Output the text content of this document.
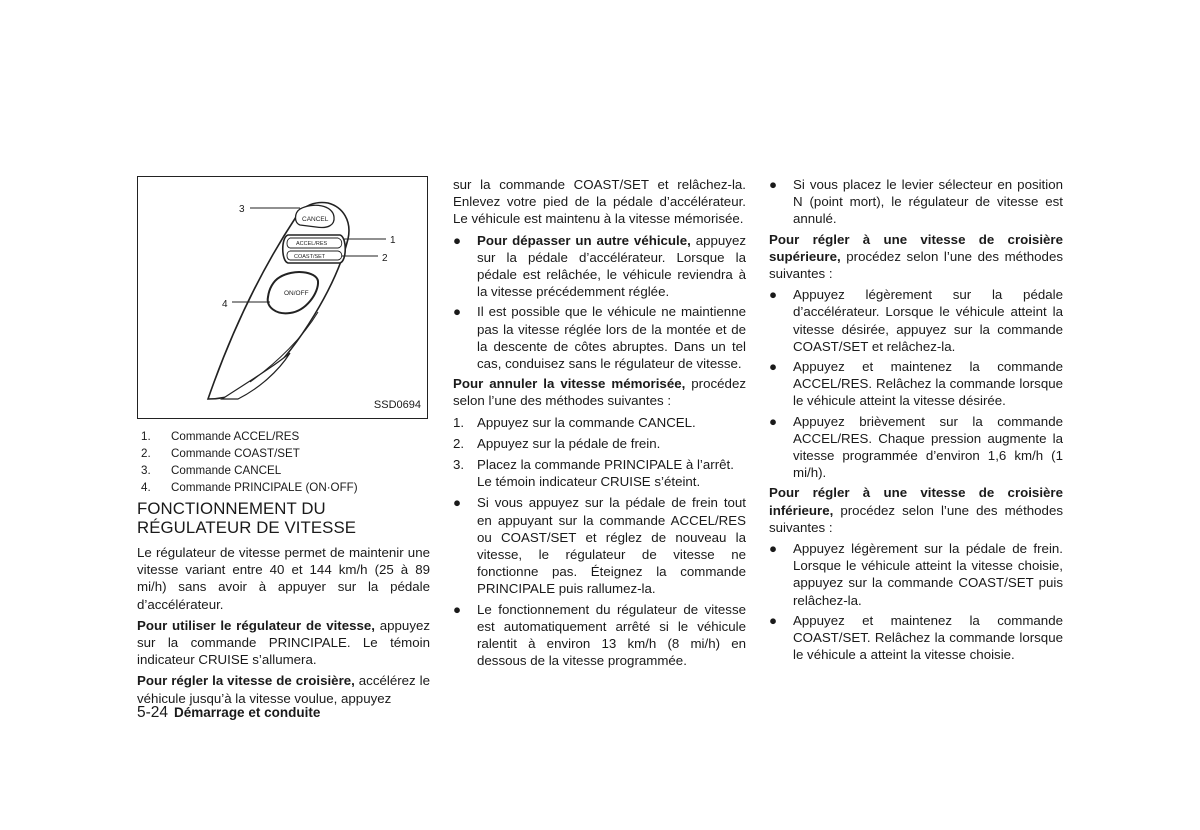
CANCEL
ACCEL/RES
COAST/SET
ON/OFF
3
1
2
4
SSD0694
1. Commande ACCEL/RES
2. Commande COAST/SET
3. Commande CANCEL
4. Commande PRINCIPALE (ON·OFF)
FONCTIONNEMENT DU RÉGULATEUR DE VITESSE

Le régulateur de vitesse permet de maintenir une vitesse variant entre 40 et 144 km/h (25 à 89 mi/h) sans avoir à appuyer sur la pédale d’accélérateur.

Pour utiliser le régulateur de vitesse, appuyez sur la commande PRINCIPALE. Le témoin indicateur CRUISE s’allumera.

Pour régler la vitesse de croisière, accélérez le véhicule jusqu’à la vitesse voulue, appuyez

sur la commande COAST/SET et relâchez-la. Enlevez votre pied de la pédale d’accélérateur. Le véhicule est maintenu à la vitesse mémorisée.

● Pour dépasser un autre véhicule, appuyez sur la pédale d’accélérateur. Lorsque la pédale est relâchée, le véhicule reviendra à la vitesse précédemment réglée.
● Il est possible que le véhicule ne maintienne pas la vitesse réglée lors de la montée et de la descente de côtes abruptes. Dans un tel cas, conduisez sans le régulateur de vitesse.

Pour annuler la vitesse mémorisée, procédez selon l’une des méthodes suivantes :

1. Appuyez sur la commande CANCEL.
2. Appuyez sur la pédale de frein.
3. Placez la commande PRINCIPALE à l’arrêt. Le témoin indicateur CRUISE s’éteint.
● Si vous appuyez sur la pédale de frein tout en appuyant sur la commande ACCEL/RES ou COAST/SET et réglez de nouveau la vitesse, le régulateur de vitesse ne fonctionne pas. Éteignez la commande PRINCIPALE puis rallumez-la.
● Le fonctionnement du régulateur de vitesse est automatiquement arrêté si le véhicule ralentit à environ 13 km/h (8 mi/h) en dessous de la vitesse programmée.
● Si vous placez le levier sélecteur en position N (point mort), le régulateur de vitesse est annulé.

Pour régler à une vitesse de croisière supérieure, procédez selon l’une des méthodes suivantes :

● Appuyez légèrement sur la pédale d’accélérateur. Lorsque le véhicule atteint la vitesse désirée, appuyez sur la commande COAST/SET et relâchez-la.
● Appuyez et maintenez la commande ACCEL/RES. Relâchez la commande lorsque le véhicule atteint la vitesse désirée.
● Appuyez brièvement sur la commande ACCEL/RES. Chaque pression augmente la vitesse programmée d’environ 1,6 km/h (1 mi/h).

Pour régler à une vitesse de croisière inférieure, procédez selon l’une des méthodes suivantes :

● Appuyez légèrement sur la pédale de frein. Lorsque le véhicule atteint la vitesse choisie, appuyez sur la commande COAST/SET puis relâchez-la.
● Appuyez et maintenez la commande COAST/SET. Relâchez la commande lorsque le véhicule a atteint la vitesse choisie.
5-24 Démarrage et conduite
